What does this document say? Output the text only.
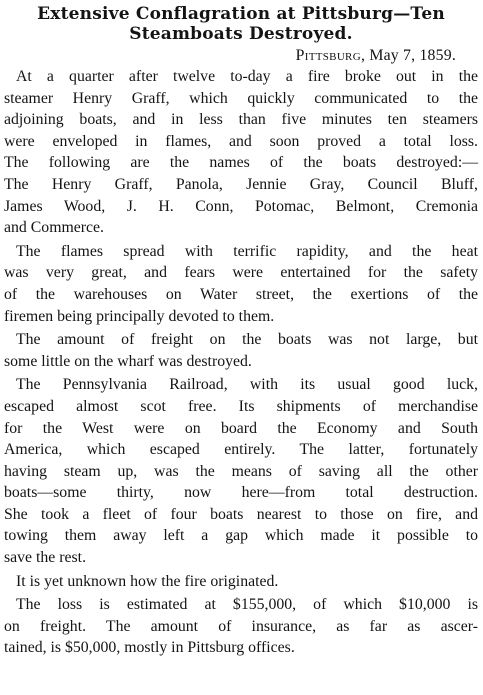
Extensive Conflagration at Pittsburg—Ten
Steamboats Destroyed.
Pittsburg, May 7, 1859.

At a quarter after twelve to-day a fire broke out in the
steamer Henry Graff, which quickly communicated to the
adjoining boats, and in less than five minutes ten steamers
were enveloped in flames, and soon proved a total loss.
The following are the names of the boats destroyed:—
The Henry Graff, Panola, Jennie Gray, Council Bluff,
James Wood, J. H. Conn, Potomac, Belmont, Cremonia
and Commerce.

The flames spread with terrific rapidity, and the heat
was very great, and fears were entertained for the safety
of the warehouses on Water street, the exertions of the
firemen being principally devoted to them.

The amount of freight on the boats was not large, but
some little on the wharf was destroyed.

The Pennsylvania Railroad, with its usual good luck,
escaped almost scot free. Its shipments of merchandise
for the West were on board the Economy and South
America, which escaped entirely. The latter, fortunately
having steam up, was the means of saving all the other
boats—some thirty, now here—from total destruction.
She took a fleet of four boats nearest to those on fire, and
towing them away left a gap which made it possible to
save the rest.

It is yet unknown how the fire originated.

The loss is estimated at $155,000, of which $10,000 is
on freight. The amount of insurance, as far as ascer-
tained, is $50,000, mostly in Pittsburg offices.
